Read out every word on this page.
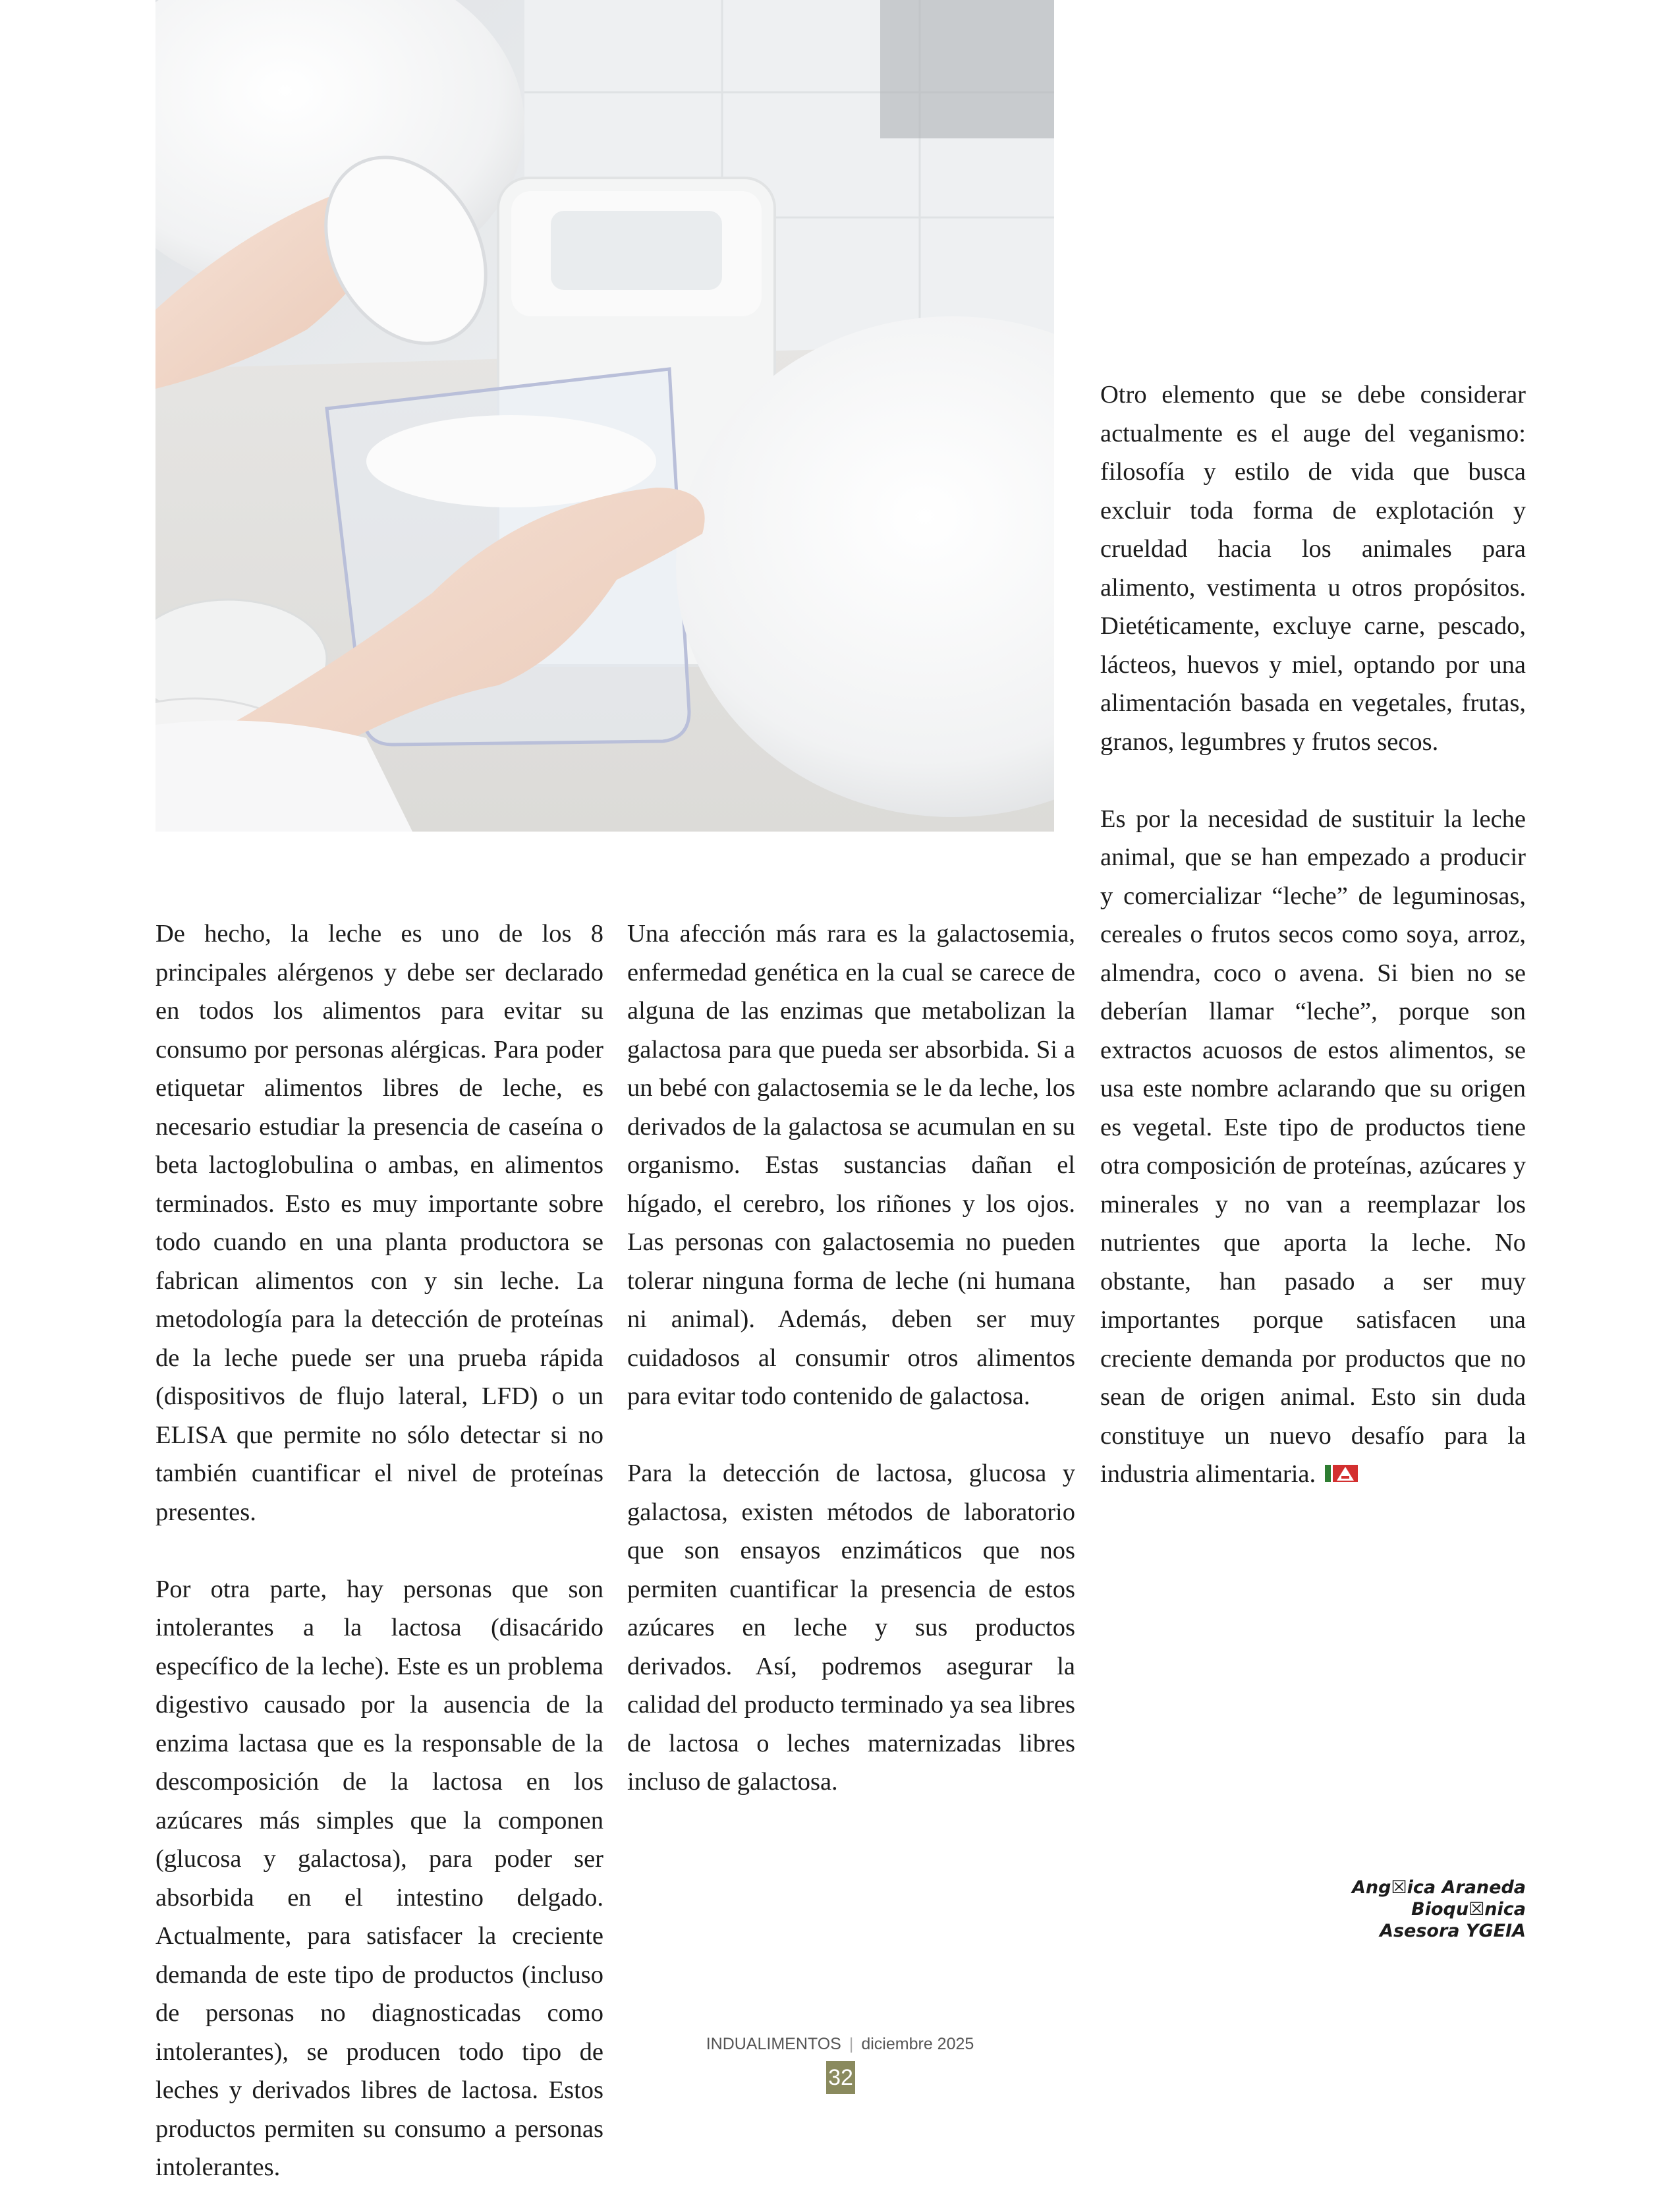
De hecho, la leche es uno de los 8 principales alérgenos y debe ser declarado en todos los alimentos para evitar su consumo por personas alérgicas. Para poder etiquetar alimentos libres de leche, es necesario estudiar la presencia de caseína o beta lactoglobulina o ambas, en alimentos terminados. Esto es muy importante sobre todo cuando en una planta productora se fabrican alimentos con y sin leche. La metodología para la detección de proteínas de la leche puede ser una prueba rápida (dispositivos de flujo lateral, LFD) o un ELISA que permite no sólo detectar si no también cuantificar el nivel de proteínas presentes.

Por otra parte, hay personas que son intolerantes a la lactosa (disacárido específico de la leche). Este es un problema digestivo causado por la ausencia de la enzima lactasa que es la responsable de la descomposición de la lactosa en los azúcares más simples que la componen (glucosa y galactosa), para poder ser absorbida en el intestino delgado. Actualmente, para satisfacer la creciente demanda de este tipo de productos (incluso de personas no diagnosticadas como intolerantes), se producen todo tipo de leches y derivados libres de lactosa. Estos productos permiten su consumo a personas intolerantes.

Una afección más rara es la galactosemia, enfermedad genética en la cual se carece de alguna de las enzimas que metabolizan la galactosa para que pueda ser absorbida. Si a un bebé con galactosemia se le da leche, los derivados de la galactosa se acumulan en su organismo. Estas sustancias dañan el hígado, el cerebro, los riñones y los ojos. Las personas con galactosemia no pueden tolerar ninguna forma de leche (ni humana ni animal). Además, deben ser muy cuidadosos al consumir otros alimentos para evitar todo contenido de galactosa.

Para la detección de lactosa, glucosa y galactosa, existen métodos de laboratorio que son ensayos enzimáticos que nos permiten cuantificar la presencia de estos azúcares en leche y sus productos derivados. Así, podremos asegurar la calidad del producto terminado ya sea libres de lactosa o leches maternizadas libres incluso de galactosa.

Otro elemento que se debe considerar actualmente es el auge del veganismo: filosofía y estilo de vida que busca excluir toda forma de explotación y crueldad hacia los animales para alimento, vestimenta u otros propósitos. Dietéticamente, excluye carne, pescado, lácteos, huevos y miel, optando por una alimentación basada en vegetales, frutas, granos, legumbres y frutos secos.

Es por la necesidad de sustituir la leche animal, que se han empezado a producir y comercializar “leche” de leguminosas, cereales o frutos secos como soya, arroz, almendra, coco o avena. Si bien no se deberían llamar “leche”, porque son extractos acuosos de estos alimentos, se usa este nombre aclarando que su origen es vegetal. Este tipo de productos tiene otra composición de proteínas, azúcares y minerales y no van a reemplazar los nutrientes que aporta la leche. No obstante, han pasado a ser muy importantes porque satisfacen una creciente demanda por productos que no sean de origen animal. Esto sin duda constituye un nuevo desafío para la industria alimentaria.

Ang☒ica Araneda
Bioqu☒nica
Asesora YGEIA
INDUALIMENTOS | diciembre 2025
32
